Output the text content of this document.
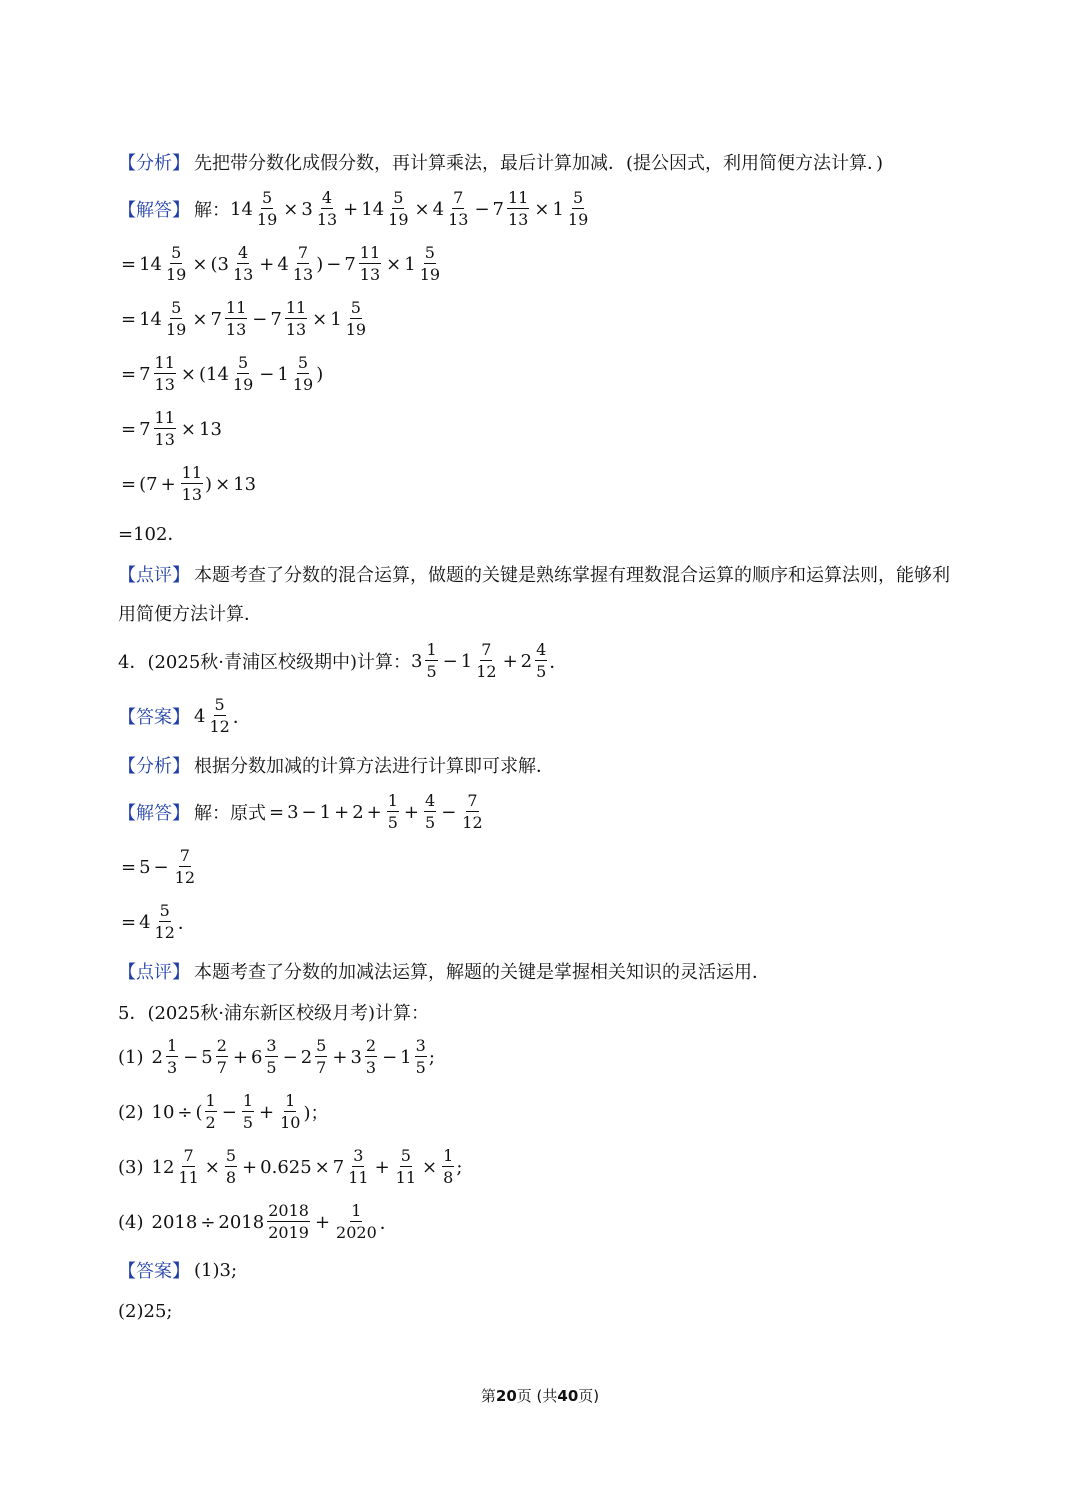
【分析】 先把带分数化成假分数，再计算乘法，最后计算加减．(提公因式，利用简便方法计算．)
【解答】 解： $14 \frac{5}{19} \times 3 \frac{4}{13} + 14 \frac{5}{19} \times 4 \frac{7}{13} - 7 \frac{11}{13} \times 1 \frac{5}{19}$
= $14 \frac{5}{19}$ × ( $3 \frac{4}{13} + 4 \frac{7}{13}$ ) − $7 \frac{11}{13} \times 1 \frac{5}{19}$
= $14 \frac{5}{19} \times 7 \frac{11}{13} - 7 \frac{11}{13} \times 1 \frac{5}{19}$
= $7 \frac{11}{13}$ × ( $14 \frac{5}{19} - 1 \frac{5}{19}$ )
= $7 \frac{11}{13} \times 13$
= ($7 + \frac{11}{13}$ ) × 13
=102．
【点评】 本题考查了分数的混合运算，做题的关键是熟练掌握有理数混合运算的顺序和运算法则，能够利
用简便方法计算．
4．(2025秋·青浦区校级期中)计算： $3 \frac{1}{5} - 1 \frac{7}{12} + 2 \frac{4}{5}$ ．
【答案】 $4 \frac{5}{12}$ ．
【分析】 根据分数加减的计算方法进行计算即可求解．
【解答】 解：原式 = $3 - 1 + 2 + \frac{1}{5} + \frac{4}{5} - \frac{7}{12}$
= $5 - \frac{7}{12}$
= $4 \frac{5}{12}$ ．
【点评】 本题考查了分数的加减法运算，解题的关键是掌握相关知识的灵活运用．
5．(2025秋·浦东新区校级月考)计算：
(1) $2 \frac{1}{3} - 5 \frac{2}{7} + 6 \frac{3}{5} - 2 \frac{5}{7} + 3 \frac{2}{3} - 1 \frac{3}{5}$ ;
(2) 10 ÷ ( $\frac{1}{2} - \frac{1}{5} + \frac{1}{10}$ )；
(3) $12 \frac{7}{11} \times \frac{5}{8} + 0.625 \times 7 \frac{3}{11} + \frac{5}{11} \times \frac{1}{8}$ ;
(4) $2018 \div 2018 \frac{2018}{2019} + \frac{1}{2020}$ ．
【答案】 (1)3;
(2)25;
第20页 (共40页)
